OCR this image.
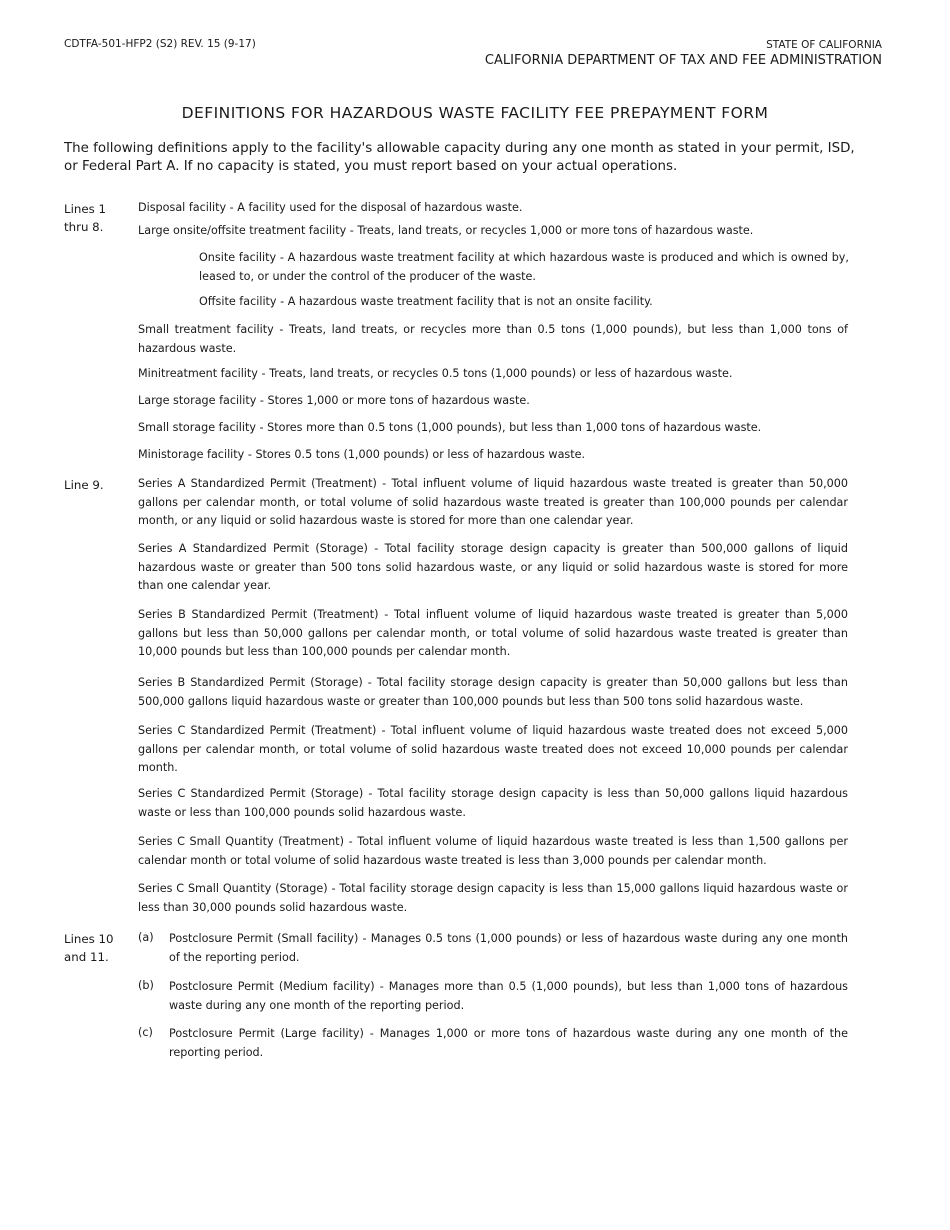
CDTFA-501-HFP2 (S2) REV. 15 (9-17)	STATE OF CALIFORNIA
CALIFORNIA DEPARTMENT OF TAX AND FEE ADMINISTRATION
DEFINITIONS FOR HAZARDOUS WASTE FACILITY FEE PREPAYMENT FORM
The following definitions apply to the facility's allowable capacity during any one month as stated in your permit, ISD, or Federal Part A. If no capacity is stated, you must report based on your actual operations.
Lines 1 thru 8.
Disposal facility - A facility used for the disposal of hazardous waste.
Large onsite/offsite treatment facility - Treats, land treats, or recycles 1,000 or more tons of hazardous waste.
Onsite facility - A hazardous waste treatment facility at which hazardous waste is produced and which is owned by, leased to, or under the control of the producer of the waste.
Offsite facility - A hazardous waste treatment facility that is not an onsite facility.
Small treatment facility - Treats, land treats, or recycles more than 0.5 tons (1,000 pounds), but less than 1,000 tons of hazardous waste.
Minitreatment facility - Treats, land treats, or recycles 0.5 tons (1,000 pounds) or less of hazardous waste.
Large storage facility - Stores 1,000 or more tons of hazardous waste.
Small storage facility - Stores more than 0.5 tons (1,000 pounds), but less than 1,000 tons of hazardous waste.
Ministorage facility - Stores 0.5 tons (1,000 pounds) or less of hazardous waste.
Line 9.	Series A Standardized Permit (Treatment) - Total influent volume of liquid hazardous waste treated is greater than 50,000 gallons per calendar month, or total volume of solid hazardous waste treated is greater than 100,000 pounds per calendar month, or any liquid or solid hazardous waste is stored for more than one calendar year.
Series A Standardized Permit (Storage) - Total facility storage design capacity is greater than 500,000 gallons of liquid hazardous waste or greater than 500 tons solid hazardous waste, or any liquid or solid hazardous waste is stored for more than one calendar year.
Series B Standardized Permit (Treatment) - Total influent volume of liquid hazardous waste treated is greater than 5,000 gallons but less than 50,000 gallons per calendar month, or total volume of solid hazardous waste treated is greater than 10,000 pounds but less than 100,000 pounds per calendar month.
Series B Standardized Permit (Storage) - Total facility storage design capacity is greater than 50,000 gallons but less than 500,000 gallons liquid hazardous waste or greater than 100,000 pounds but less than 500 tons solid hazardous waste.
Series C Standardized Permit (Treatment) - Total influent volume of liquid hazardous waste treated does not exceed 5,000 gallons per calendar month, or total volume of solid hazardous waste treated does not exceed 10,000 pounds per calendar month.
Series C Standardized Permit (Storage) - Total facility storage design capacity is less than 50,000 gallons liquid hazardous waste or less than 100,000 pounds solid hazardous waste.
Series C Small Quantity (Treatment) - Total influent volume of liquid hazardous waste treated is less than 1,500 gallons per calendar month or total volume of solid hazardous waste treated is less than 3,000 pounds per calendar month.
Series C Small Quantity (Storage) - Total facility storage design capacity is less than 15,000 gallons liquid hazardous waste or less than 30,000 pounds solid hazardous waste.
Lines 10 and 11.
(a) Postclosure Permit (Small facility) - Manages 0.5 tons (1,000 pounds) or less of hazardous waste during any one month of the reporting period.
(b) Postclosure Permit (Medium facility) - Manages more than 0.5 (1,000 pounds), but less than 1,000 tons of hazardous waste during any one month of the reporting period.
(c) Postclosure Permit (Large facility) - Manages 1,000 or more tons of hazardous waste during any one month of the reporting period.
